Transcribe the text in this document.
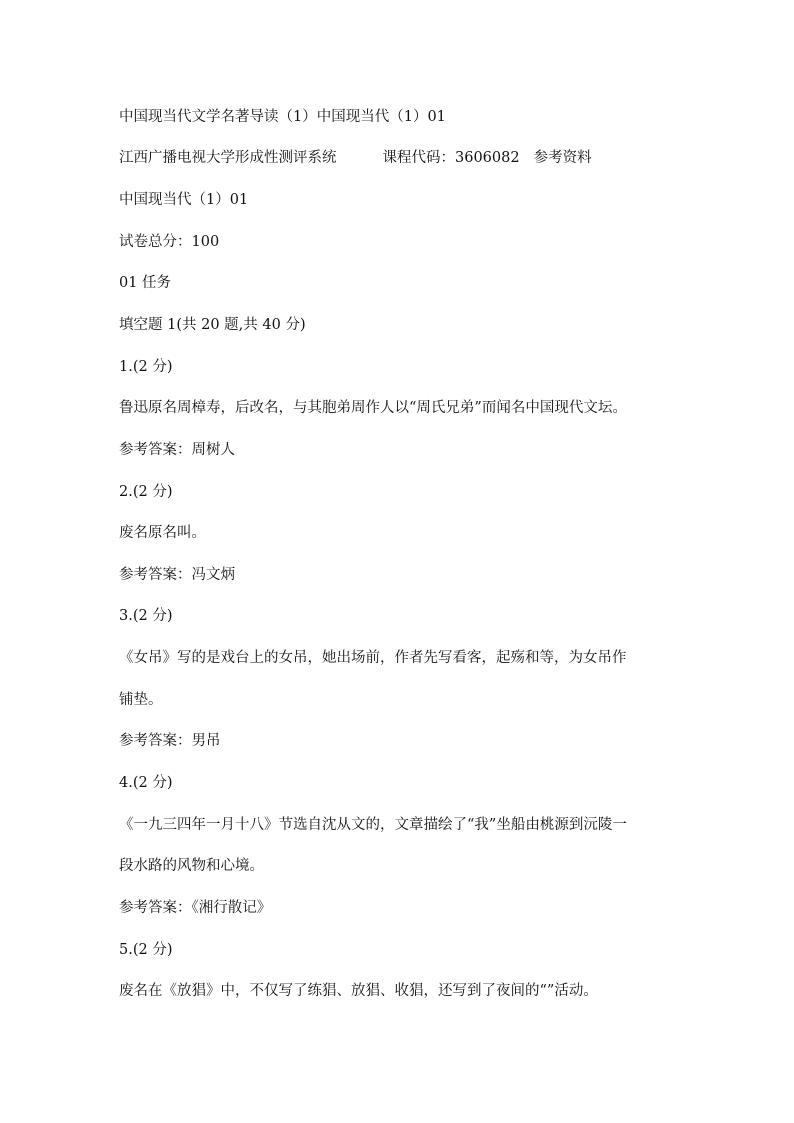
中国现当代文学名著导读（1）中国现当代（1）01
江西广播电视大学形成性测评系统	课程代码：3606082 参考资料
中国现当代（1）01
试卷总分：100
01 任务
填空题 1(共 20 题,共 40 分)
1.(2 分)
鲁迅原名周樟寿，后改名，与其胞弟周作人以“周氏兄弟”而闻名中国现代文坛。
参考答案：周树人
2.(2 分)
废名原名叫。
参考答案：冯文炳
3.(2 分)
《女吊》写的是戏台上的女吊，她出场前，作者先写看客，起殇和等，为女吊作
铺垫。
参考答案：男吊
4.(2 分)
《一九三四年一月十八》节选自沈从文的，文章描绘了“我”坐船由桃源到沅陵一
段水路的风物和心境。
参考答案：《湘行散记》
5.(2 分)
废名在《放猖》中，不仅写了练猖、放猖、收猖，还写到了夜间的“”活动。
